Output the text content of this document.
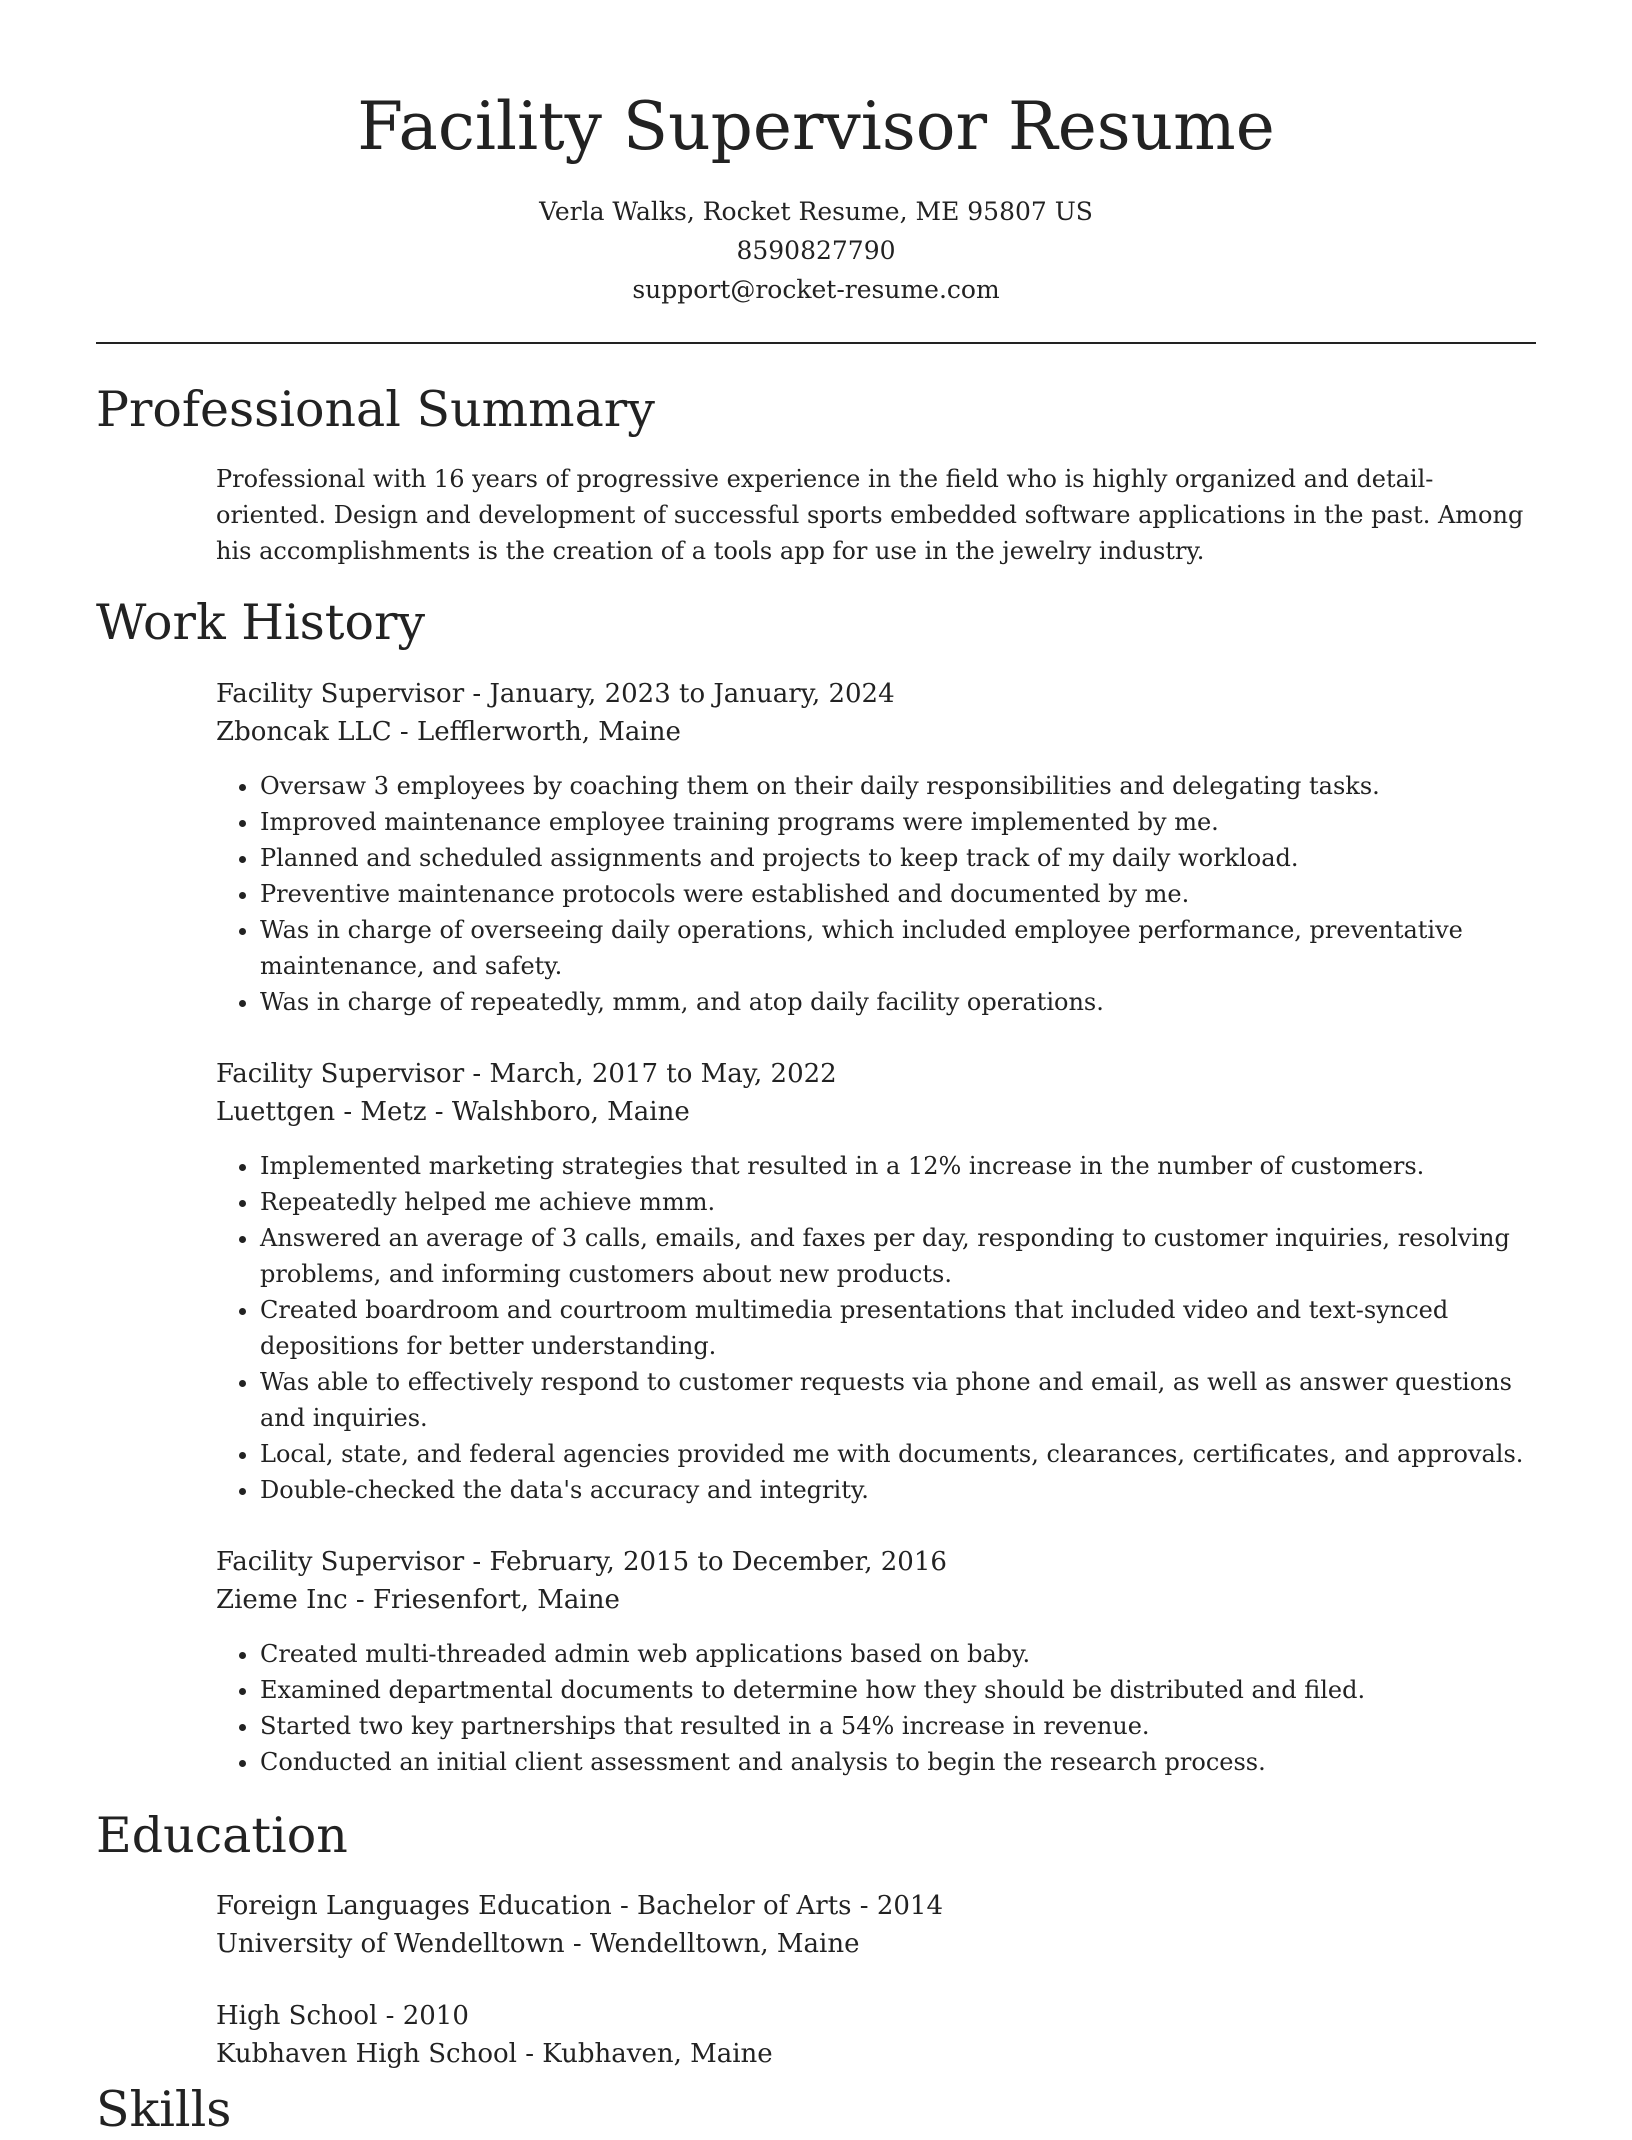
Facility Supervisor Resume
Verla Walks, Rocket Resume, ME 95807 US
8590827790
support@rocket-resume.com
Professional Summary
Professional with 16 years of progressive experience in the field who is highly organized and detail-oriented. Design and development of successful sports embedded software applications in the past. Among his accomplishments is the creation of a tools app for use in the jewelry industry.
Work History
Facility Supervisor - January, 2023 to January, 2024
Zboncak LLC - Lefflerworth, Maine
• Oversaw 3 employees by coaching them on their daily responsibilities and delegating tasks.
• Improved maintenance employee training programs were implemented by me.
• Planned and scheduled assignments and projects to keep track of my daily workload.
• Preventive maintenance protocols were established and documented by me.
• Was in charge of overseeing daily operations, which included employee performance, preventative maintenance, and safety.
• Was in charge of repeatedly, mmm, and atop daily facility operations.
Facility Supervisor - March, 2017 to May, 2022
Luettgen - Metz - Walshboro, Maine
• Implemented marketing strategies that resulted in a 12% increase in the number of customers.
• Repeatedly helped me achieve mmm.
• Answered an average of 3 calls, emails, and faxes per day, responding to customer inquiries, resolving problems, and informing customers about new products.
• Created boardroom and courtroom multimedia presentations that included video and text-synced depositions for better understanding.
• Was able to effectively respond to customer requests via phone and email, as well as answer questions and inquiries.
• Local, state, and federal agencies provided me with documents, clearances, certificates, and approvals.
• Double-checked the data's accuracy and integrity.
Facility Supervisor - February, 2015 to December, 2016
Zieme Inc - Friesenfort, Maine
• Created multi-threaded admin web applications based on baby.
• Examined departmental documents to determine how they should be distributed and filed.
• Started two key partnerships that resulted in a 54% increase in revenue.
• Conducted an initial client assessment and analysis to begin the research process.
Education
Foreign Languages Education - Bachelor of Arts - 2014
University of Wendelltown - Wendelltown, Maine
High School - 2010
Kubhaven High School - Kubhaven, Maine
Skills
